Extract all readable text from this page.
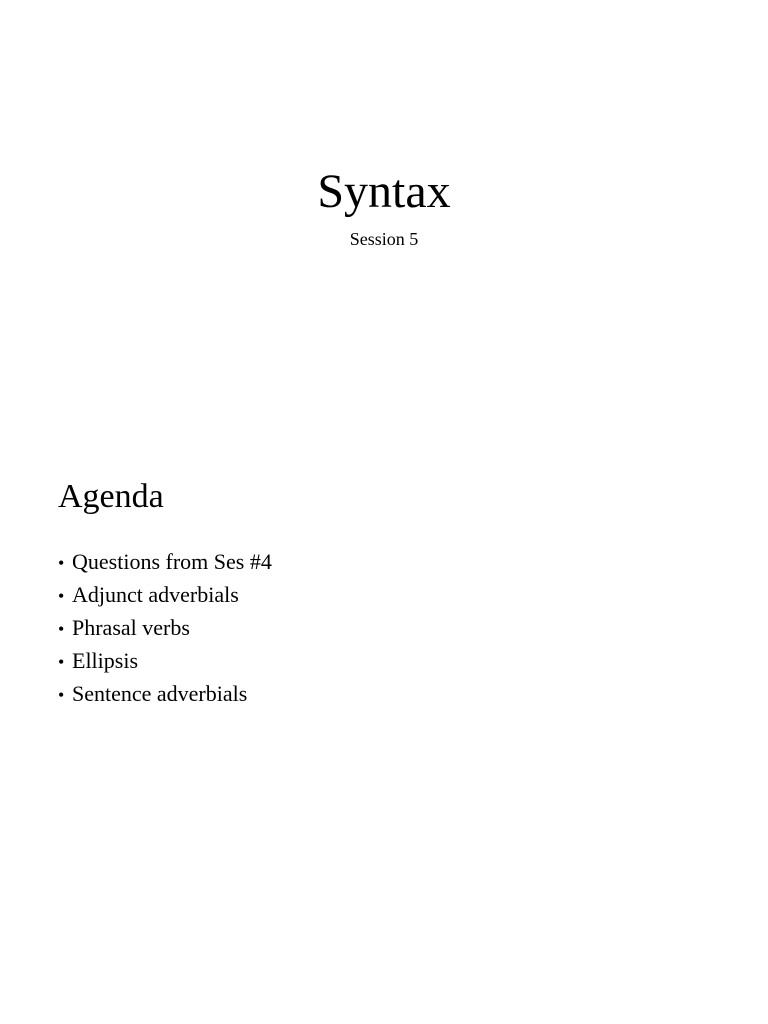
Syntax

Session 5

Agenda
• Questions from Ses #4
• Adjunct adverbials
• Phrasal verbs
• Ellipsis
• Sentence adverbials
